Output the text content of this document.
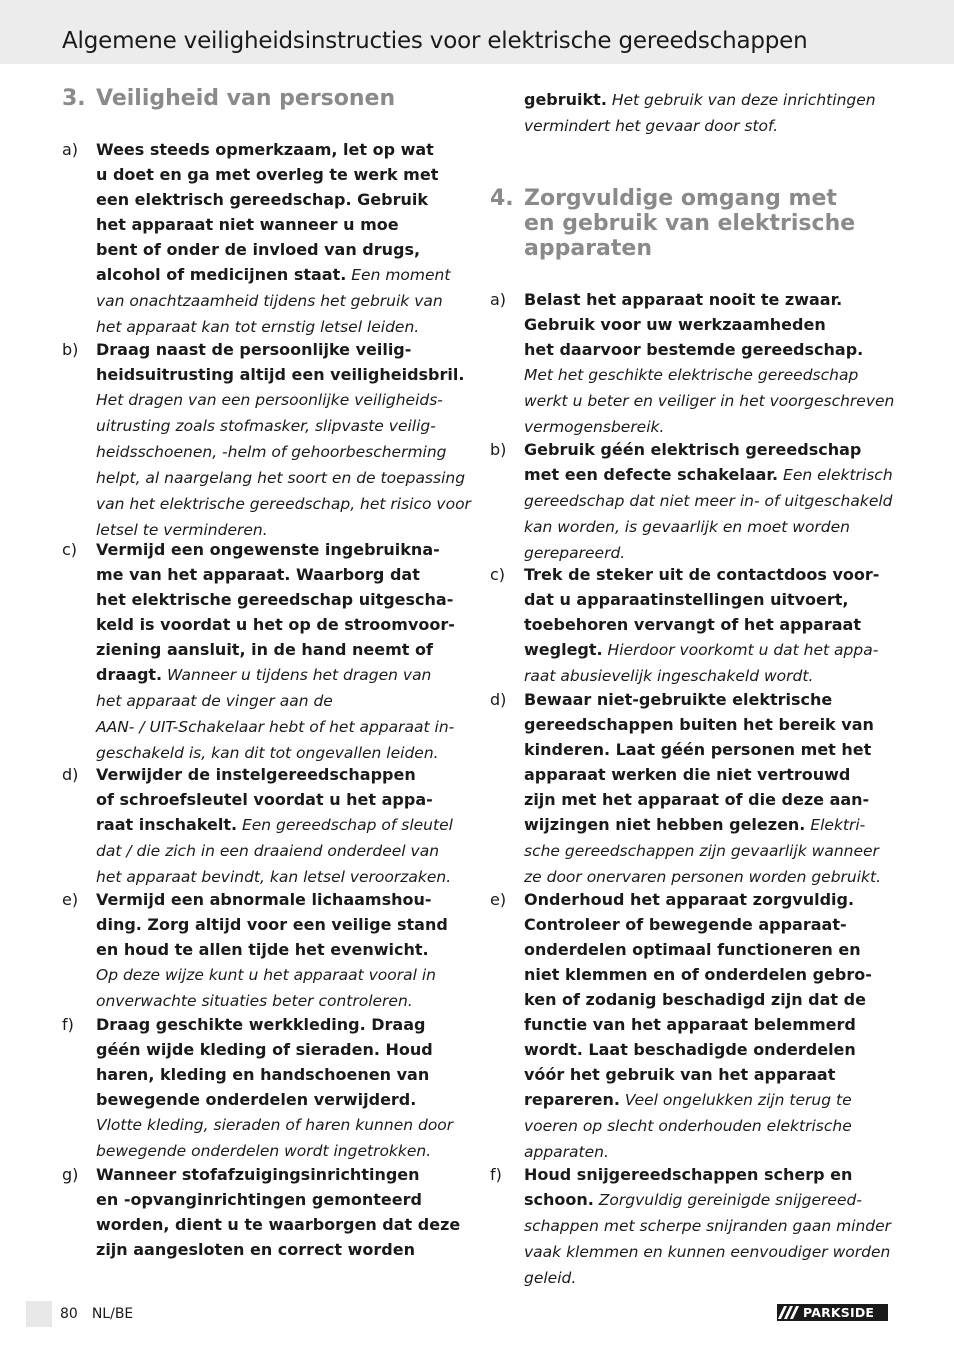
Algemene veiligheidsinstructies voor elektrische gereedschappen
3. Veiligheid van personen
a) Wees steeds opmerkzaam, let op wat
u doet en ga met overleg te werk met
een elektrisch gereedschap. Gebruik
het apparaat niet wanneer u moe
bent of onder de invloed van drugs,
alcohol of medicijnen staat. Een moment
van onachtzaamheid tijdens het gebruik van
het apparaat kan tot ernstig letsel leiden.
b) Draag naast de persoonlijke veilig-
heidsuitrusting altijd een veiligheidsbril.
Het dragen van een persoonlijke veiligheids-
uitrusting zoals stofmasker, slipvaste veilig-
heidsschoenen, -helm of gehoorbescherming
helpt, al naargelang het soort en de toepassing
van het elektrische gereedschap, het risico voor
letsel te verminderen.
c) Vermijd een ongewenste ingebruikna-
me van het apparaat. Waarborg dat
het elektrische gereedschap uitgescha-
keld is voordat u het op de stroomvoor-
ziening aansluit, in de hand neemt of
draagt. Wanneer u tijdens het dragen van
het apparaat de vinger aan de
AAN- / UIT-Schakelaar hebt of het apparaat in-
geschakeld is, kan dit tot ongevallen leiden.
d) Verwijder de instelgereedschappen
of schroefsleutel voordat u het appa-
raat inschakelt. Een gereedschap of sleutel
dat / die zich in een draaiend onderdeel van
het apparaat bevindt, kan letsel veroorzaken.
e) Vermijd een abnormale lichaamshou-
ding. Zorg altijd voor een veilige stand
en houd te allen tijde het evenwicht.
Op deze wijze kunt u het apparaat vooral in
onverwachte situaties beter controleren.
f) Draag geschikte werkkleding. Draag
géén wijde kleding of sieraden. Houd
haren, kleding en handschoenen van
bewegende onderdelen verwijderd.
Vlotte kleding, sieraden of haren kunnen door
bewegende onderdelen wordt ingetrokken.
g) Wanneer stofafzuigingsinrichtingen
en -opvanginrichtingen gemonteerd
worden, dient u te waarborgen dat deze
zijn aangesloten en correct worden
gebruikt. Het gebruik van deze inrichtingen
vermindert het gevaar door stof.
4. Zorgvuldige omgang met
en gebruik van elektrische
apparaten
a) Belast het apparaat nooit te zwaar.
Gebruik voor uw werkzaamheden
het daarvoor bestemde gereedschap.
Met het geschikte elektrische gereedschap
werkt u beter en veiliger in het voorgeschreven
vermogensbereik.
b) Gebruik géén elektrisch gereedschap
met een defecte schakelaar. Een elektrisch
gereedschap dat niet meer in- of uitgeschakeld
kan worden, is gevaarlijk en moet worden
gerepareerd.
c) Trek de steker uit de contactdoos voor-
dat u apparaatinstellingen uitvoert,
toebehoren vervangt of het apparaat
weglegt. Hierdoor voorkomt u dat het appa-
raat abusievelijk ingeschakeld wordt.
d) Bewaar niet-gebruikte elektrische
gereedschappen buiten het bereik van
kinderen. Laat géén personen met het
apparaat werken die niet vertrouwd
zijn met het apparaat of die deze aan-
wijzingen niet hebben gelezen. Elektri-
sche gereedschappen zijn gevaarlijk wanneer
ze door onervaren personen worden gebruikt.
e) Onderhoud het apparaat zorgvuldig.
Controleer of bewegende apparaat-
onderdelen optimaal functioneren en
niet klemmen en of onderdelen gebro-
ken of zodanig beschadigd zijn dat de
functie van het apparaat belemmerd
wordt. Laat beschadigde onderdelen
vóór het gebruik van het apparaat
repareren. Veel ongelukken zijn terug te
voeren op slecht onderhouden elektrische
apparaten.
f) Houd snijgereedschappen scherp en
schoon. Zorgvuldig gereinigde snijgereed-
schappen met scherpe snijranden gaan minder
vaak klemmen en kunnen eenvoudiger worden
geleid.
80 NL/BE	PARKSIDE
